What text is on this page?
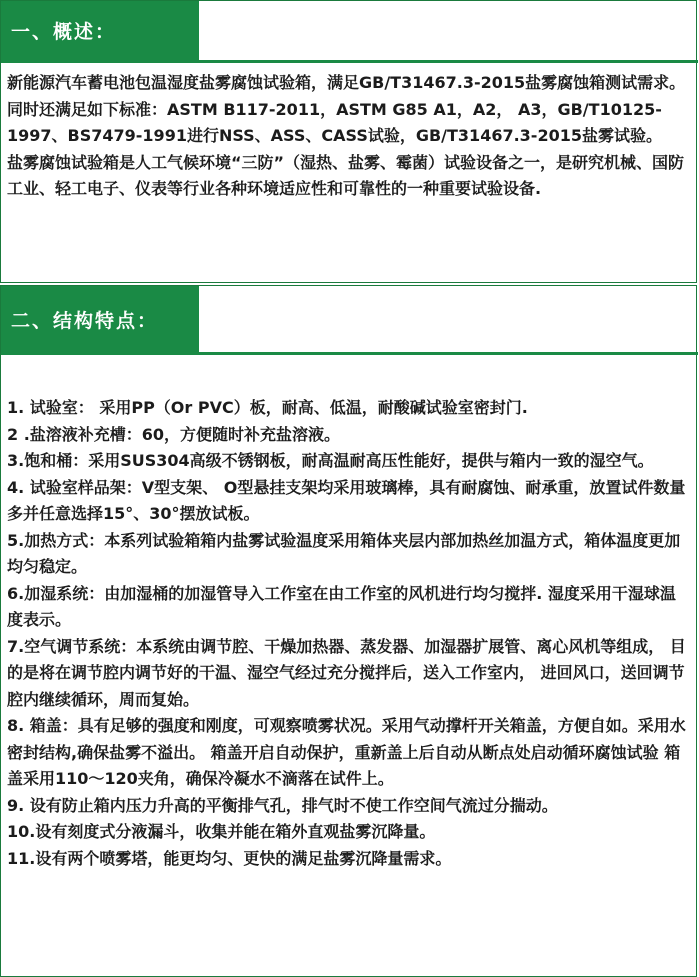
一、概述：

新能源汽车蓄电池包温湿度盐雾腐蚀试验箱，满足GB/T31467.3-2015盐雾腐蚀箱测试需求。同时还满足如下标准：ASTM B117-2011，ASTM G85 A1，A2， A3，GB/T10125-1997、BS7479-1991进行NSS、ASS、CASS试验，GB/T31467.3-2015盐雾试验。

盐雾腐蚀试验箱是人工气候环境“三防”（湿热、盐雾、霉菌）试验设备之一，是研究机械、国防工业、轻工电子、仪表等行业各种环境适应性和可靠性的一种重要试验设备.

二、结构特点：

1. 试验室： 采用PP（Or PVC）板，耐高、低温，耐酸碱试验室密封门.

2 .盐溶液补充槽：60，方便随时补充盐溶液。

3.饱和桶：采用SUS304高级不锈钢板，耐高温耐高压性能好，提供与箱内一致的湿空气。

4. 试验室样品架：V型支架、 O型悬挂支架均采用玻璃棒，具有耐腐蚀、耐承重，放置试件数量多并任意选择15°、30°摆放试板。

5.加热方式：本系列试验箱箱内盐雾试验温度采用箱体夹层内部加热丝加温方式，箱体温度更加均匀稳定。

6.加湿系统：由加湿桶的加湿管导入工作室在由工作室的风机进行均匀搅拌. 湿度采用干湿球温度表示。

7.空气调节系统：本系统由调节腔、干燥加热器、蒸发器、加湿器扩展管、离心风机等组成， 目的是将在调节腔内调节好的干温、湿空气经过充分搅拌后，送入工作室内， 进回风口，送回调节腔内继续循环，周而复始。

8. 箱盖：具有足够的强度和刚度，可观察喷雾状况。采用气动撑杆开关箱盖，方便自如。采用水密封结构,确保盐雾不溢出。 箱盖开启自动保护，重新盖上后自动从断点处启动循环腐蚀试验 箱盖采用110～120夹角，确保冷凝水不滴落在试件上。

9. 设有防止箱内压力升高的平衡排气孔，排气时不使工作空间气流过分揣动。

10.设有刻度式分液漏斗，收集并能在箱外直观盐雾沉降量。

11.设有两个喷雾塔，能更均匀、更快的满足盐雾沉降量需求。
